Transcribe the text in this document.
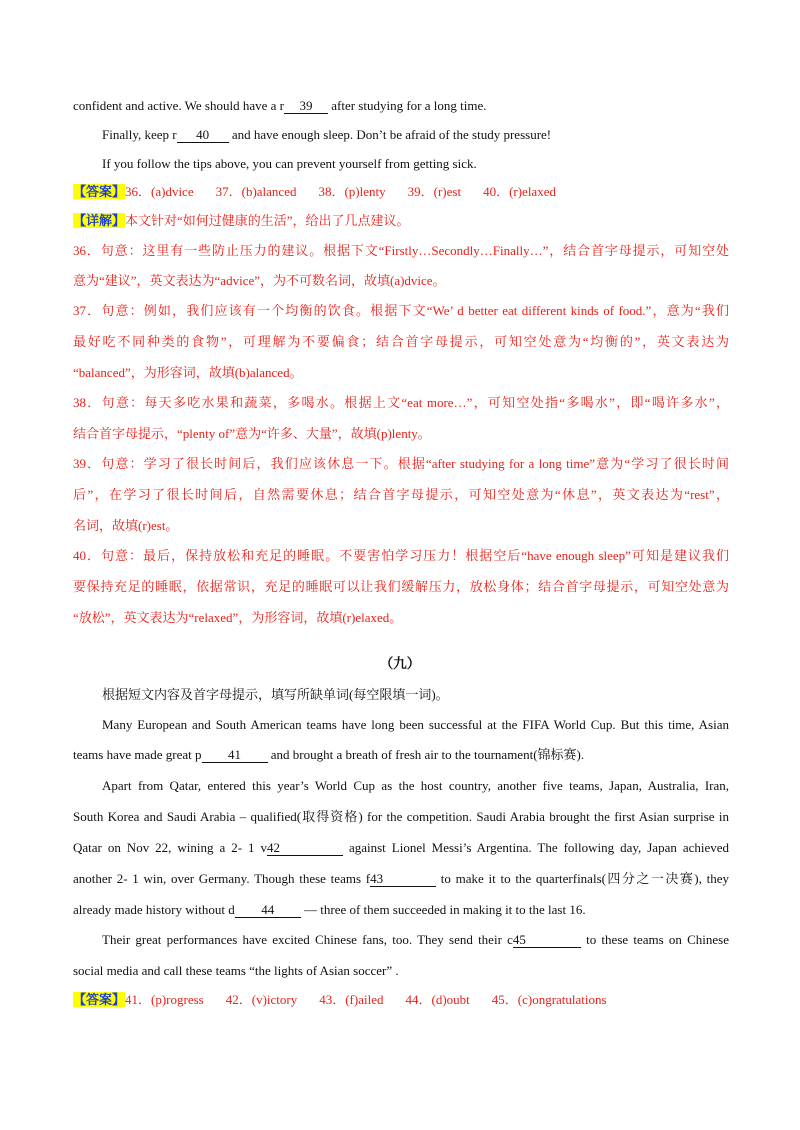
confident and active. We should have a r 39 after studying for a long time.
Finally, keep r 40 and have enough sleep. Don’t be afraid of the study pressure!
If you follow the tips above, you can prevent yourself from getting sick.
【答案】36．(a)dvice 37．(b)alanced 38．(p)lenty 39．(r)est 40．(r)elaxed
【详解】本文针对“如何过健康的生活”，给出了几点建议。
36．句意：这里有一些防止压力的建议。根据下文“Firstly…Secondly…Finally…”，结合首字母提示，可知空处
意为“建议”，英文表达为“advice”，为不可数名词，故填(a)dvice。
37．句意：例如，我们应该有一个均衡的饮食。根据下文“We’ d better eat different kinds of food.”，意为“我们
最好吃不同种类的食物”，可理解为不要偏食；结合首字母提示，可知空处意为“均衡的”，英文表达为
“balanced”，为形容词，故填(b)alanced。
38．句意：每天多吃水果和蔬菜，多喝水。根据上文“eat more…”，可知空处指“多喝水”，即“喝许多水”，
结合首字母提示，“plenty of”意为“许多、大量”，故填(p)lenty。
39．句意：学习了很长时间后，我们应该休息一下。根据“after studying for a long time”意为“学习了很长时间
后”，在学习了很长时间后，自然需要休息；结合首字母提示，可知空处意为“休息”，英文表达为“rest”，
名词，故填(r)est。
40．句意：最后，保持放松和充足的睡眠。不要害怕学习压力！根据空后“have enough sleep”可知是建议我们
要保持充足的睡眠，依据常识，充足的睡眠可以让我们缓解压力，放松身体；结合首字母提示，可知空处意为
“放松”，英文表达为“relaxed”，为形容词，故填(r)elaxed。
（九）
根据短文内容及首字母提示，填写所缺单词(每空限填一词)。
Many European and South American teams have long been successful at the FIFA World Cup. But this time, Asian
teams have made great p 41 and brought a breath of fresh air to the tournament(锦标赛).
Apart from Qatar, entered this year’s World Cup as the host country, another five teams, Japan, Australia, Iran,
South Korea and Saudi Arabia – qualified(取得资格) for the competition. Saudi Arabia brought the first Asian surprise in
Qatar on Nov 22, wining a 2- 1 v42	against Lionel Messi’s Argentina. The following day, Japan achieved
another 2- 1 win, over Germany. Though these teams f43	to make it to the quarterfinals(四分之一决赛), they
already made history without d 44 — three of them succeeded in making it to the last 16.
Their great performances have excited Chinese fans, too. They send their c45	to these teams on Chinese
social media and call these teams “the lights of Asian soccer” .
【答案】41．(p)rogress 42．(v)ictory 43．(f)ailed 44．(d)oubt 45．(c)ongratulations
